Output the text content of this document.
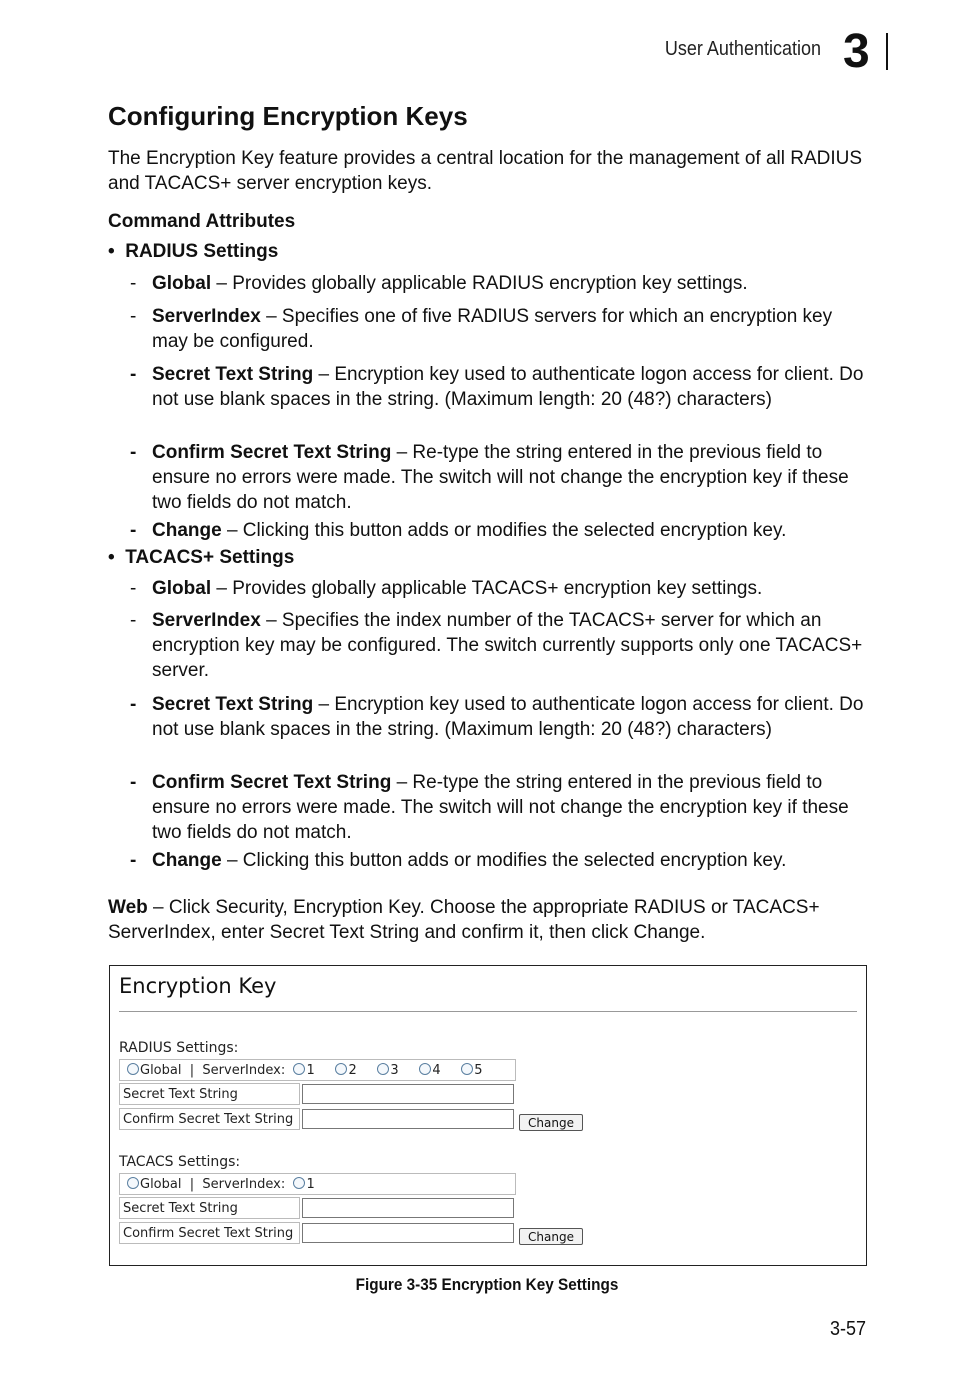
User Authentication 3
Configuring Encryption Keys
The Encryption Key feature provides a central location for the management of all RADIUS and TACACS+ server encryption keys.
Command Attributes
•  RADIUS Settings
- Global – Provides globally applicable RADIUS encryption key settings.
- ServerIndex – Specifies one of five RADIUS servers for which an encryption key may be configured.
- Secret Text String – Encryption key used to authenticate logon access for client. Do not use blank spaces in the string. (Maximum length: 20 (48?) characters)
- Confirm Secret Text String – Re-type the string entered in the previous field to ensure no errors were made. The switch will not change the encryption key if these two fields do not match.
- Change – Clicking this button adds or modifies the selected encryption key.
•  TACACS+ Settings
- Global – Provides globally applicable TACACS+ encryption key settings.
- ServerIndex – Specifies the index number of the TACACS+ server for which an encryption key may be configured. The switch currently supports only one TACACS+ server.
- Secret Text String – Encryption key used to authenticate logon access for client. Do not use blank spaces in the string. (Maximum length: 20 (48?) characters)
- Confirm Secret Text String – Re-type the string entered in the previous field to ensure no errors were made. The switch will not change the encryption key if these two fields do not match.
- Change – Clicking this button adds or modifies the selected encryption key.
Web – Click Security, Encryption Key. Choose the appropriate RADIUS or TACACS+ ServerIndex, enter Secret Text String and confirm it, then click Change.
Encryption Key
RADIUS Settings:
Global | ServerIndex: 1	2	3	4	5
Secret Text String
Confirm Secret Text String	Change
TACACS Settings:
Global | ServerIndex: 1
Secret Text String
Confirm Secret Text String	Change
Figure 3-35 Encryption Key Settings
3-57
